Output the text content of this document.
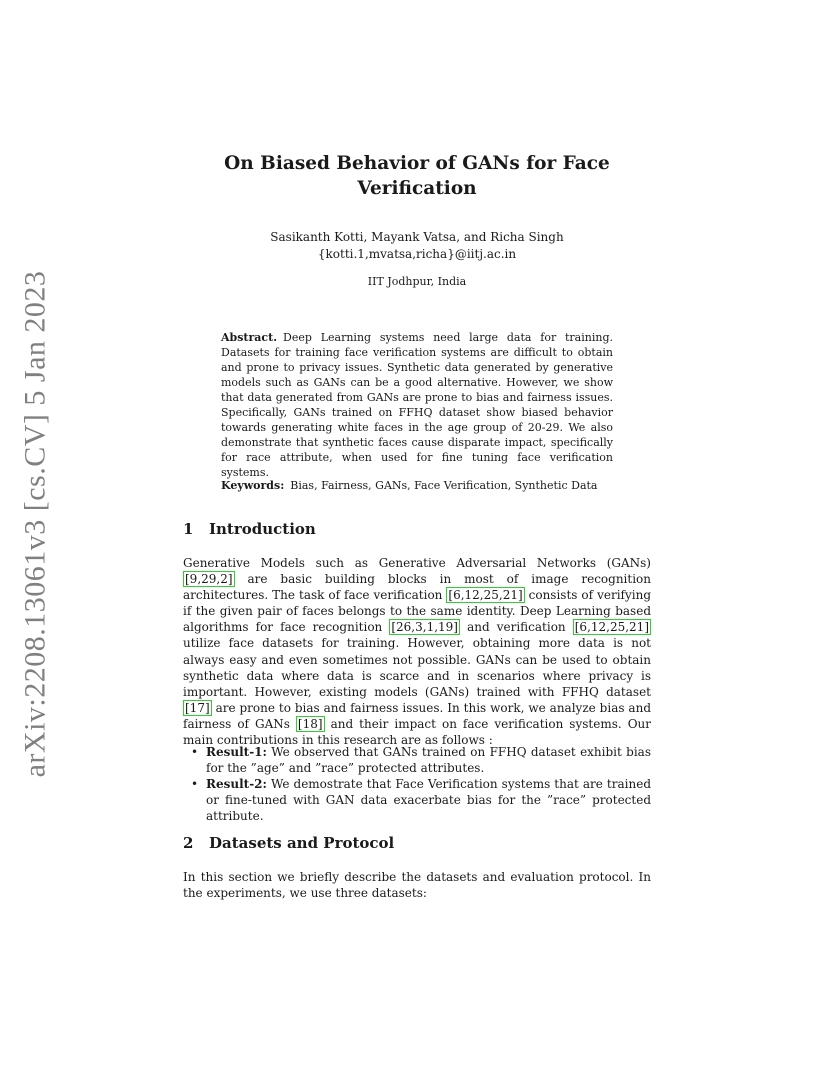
arXiv:2208.13061v3 [cs.CV] 5 Jan 2023
On Biased Behavior of GANs for Face
Verification
Sasikanth Kotti, Mayank Vatsa, and Richa Singh
{kotti.1,mvatsa,richa}@iitj.ac.in
IIT Jodhpur, India
Abstract. Deep Learning systems need large data for training. Datasets for training face verification systems are difficult to obtain and prone to privacy issues. Synthetic data generated by generative models such as GANs can be a good alternative. However, we show that data generated from GANs are prone to bias and fairness issues. Specifically, GANs trained on FFHQ dataset show biased behavior towards generating white faces in the age group of 20-29. We also demonstrate that synthetic faces cause disparate impact, specifically for race attribute, when used for fine tuning face verification systems.
Keywords: Bias, Fairness, GANs, Face Verification, Synthetic Data
1 Introduction
Generative Models such as Generative Adversarial Networks (GANs) [9,29,2] are basic building blocks in most of image recognition architectures. The task of face verification [6,12,25,21] consists of verifying if the given pair of faces belongs to the same identity. Deep Learning based algorithms for face recognition [26,3,1,19] and verification [6,12,25,21] utilize face datasets for training. However, obtaining more data is not always easy and even sometimes not possible. GANs can be used to obtain synthetic data where data is scarce and in scenarios where privacy is important. However, existing models (GANs) trained with FFHQ dataset [17] are prone to bias and fairness issues. In this work, we analyze bias and fairness of GANs [18] and their impact on face verification systems. Our main contributions in this research are as follows :
• Result-1: We observed that GANs trained on FFHQ dataset exhibit bias for the ”age” and ”race” protected attributes.
• Result-2: We demostrate that Face Verification systems that are trained or fine-tuned with GAN data exacerbate bias for the ”race” protected attribute.
2 Datasets and Protocol
In this section we briefly describe the datasets and evaluation protocol. In the experiments, we use three datasets:
